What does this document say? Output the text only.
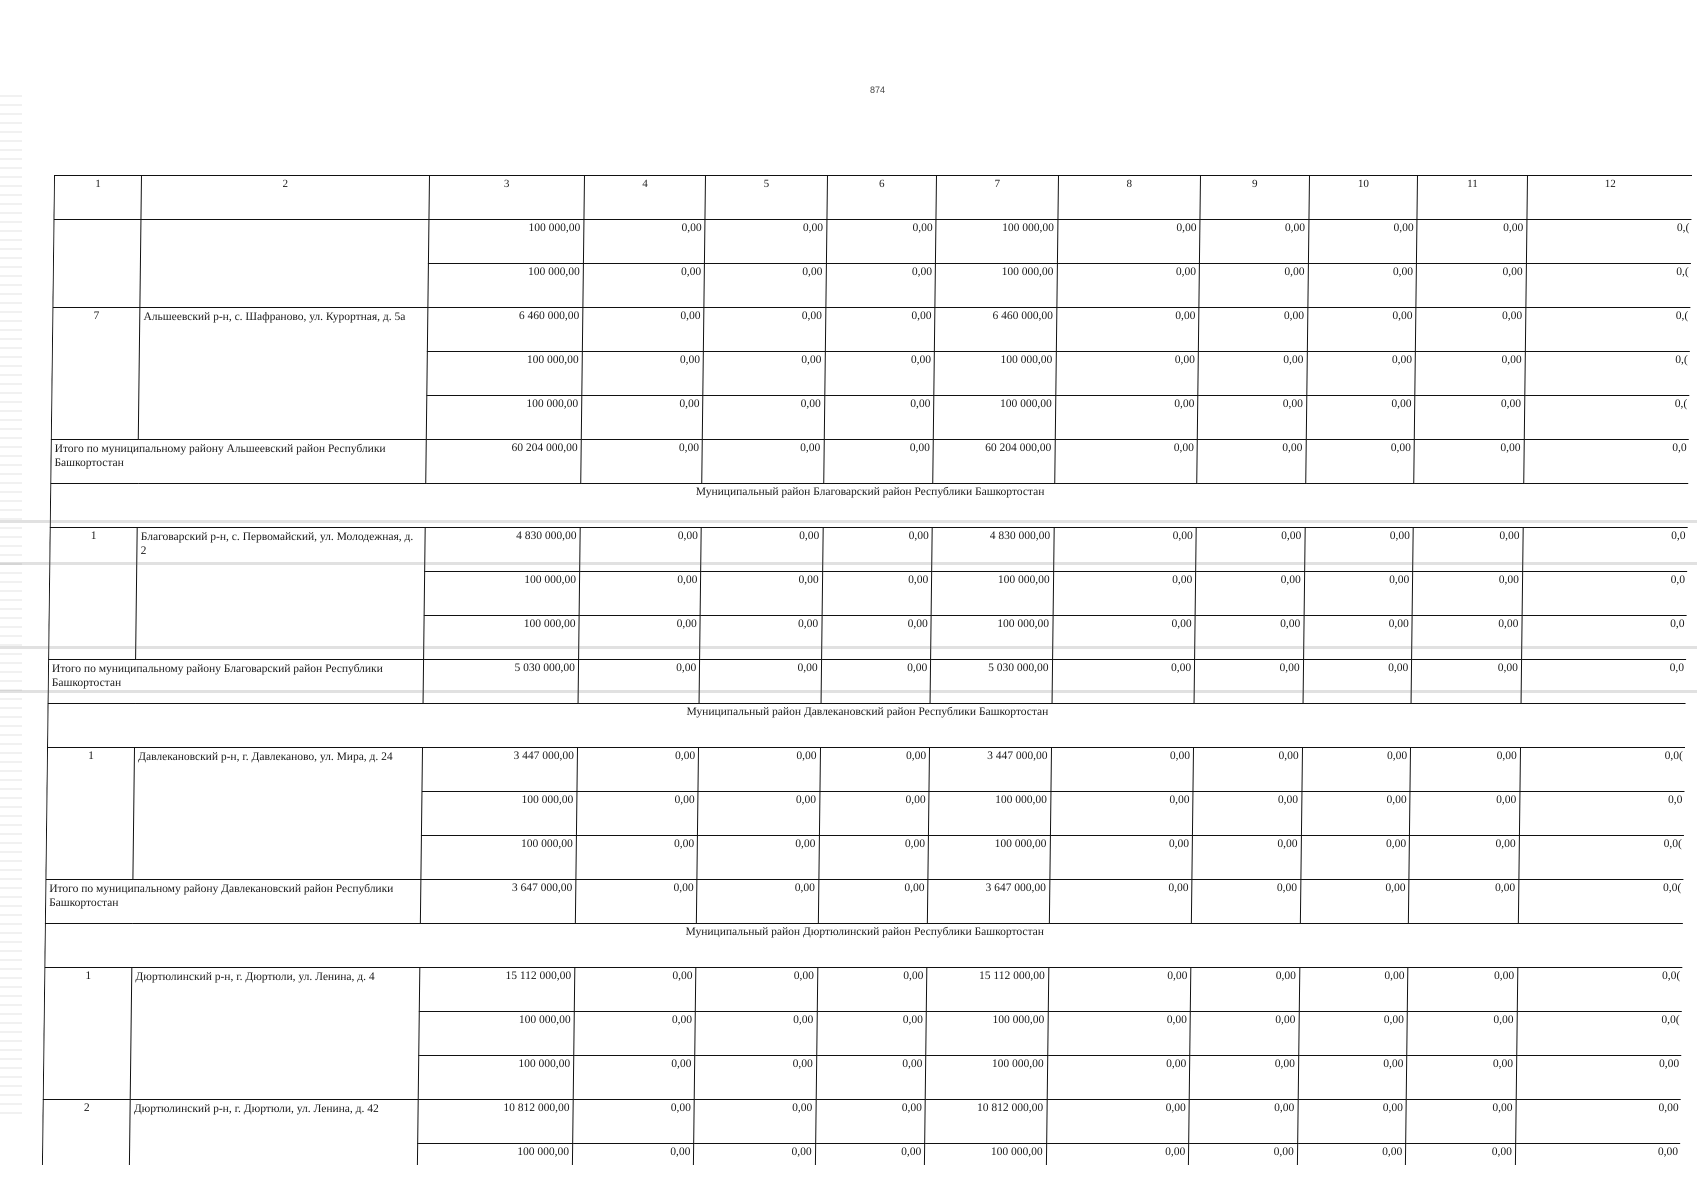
874
1	2	3	4	5	6	7	8	9	10	11	12
		100 000,00	0,00	0,00	0,00	100 000,00	0,00	0,00	0,00	0,00	0,(
		100 000,00	0,00	0,00	0,00	100 000,00	0,00	0,00	0,00	0,00	0,(
7	Альшеевский р-н, с. Шафраново, ул. Курортная, д. 5а	6 460 000,00	0,00	0,00	0,00	6 460 000,00	0,00	0,00	0,00	0,00	0,(
		100 000,00	0,00	0,00	0,00	100 000,00	0,00	0,00	0,00	0,00	0,(
		100 000,00	0,00	0,00	0,00	100 000,00	0,00	0,00	0,00	0,00	0,(
Итого по муниципальному району Альшеевский район Республики Башкортостан		60 204 000,00	0,00	0,00	0,00	60 204 000,00	0,00	0,00	0,00	0,00	0,0
Муниципальный район Благоварский район Республики Башкортостан											
1	Благоварский р-н, с. Первомайский, ул. Молодежная, д. 2	4 830 000,00	0,00	0,00	0,00	4 830 000,00	0,00	0,00	0,00	0,00	0,0
		100 000,00	0,00	0,00	0,00	100 000,00	0,00	0,00	0,00	0,00	0,0
		100 000,00	0,00	0,00	0,00	100 000,00	0,00	0,00	0,00	0,00	0,0
Итого по муниципальному району Благоварский район Республики Башкортостан		5 030 000,00	0,00	0,00	0,00	5 030 000,00	0,00	0,00	0,00	0,00	0,0
Муниципальный район Давлекановский район Республики Башкортостан											
1	Давлекановский р-н, г. Давлеканово, ул. Мира, д. 24	3 447 000,00	0,00	0,00	0,00	3 447 000,00	0,00	0,00	0,00	0,00	0,0(
		100 000,00	0,00	0,00	0,00	100 000,00	0,00	0,00	0,00	0,00	0,0
		100 000,00	0,00	0,00	0,00	100 000,00	0,00	0,00	0,00	0,00	0,0(
Итого по муниципальному району Давлекановский район Республики Башкортостан		3 647 000,00	0,00	0,00	0,00	3 647 000,00	0,00	0,00	0,00	0,00	0,0(
Муниципальный район Дюртюлинский район Республики Башкортостан											
1	Дюртюлинский р-н, г. Дюртюли, ул. Ленина, д. 4	15 112 000,00	0,00	0,00	0,00	15 112 000,00	0,00	0,00	0,00	0,00	0,0(
		100 000,00	0,00	0,00	0,00	100 000,00	0,00	0,00	0,00	0,00	0,0(
		100 000,00	0,00	0,00	0,00	100 000,00	0,00	0,00	0,00	0,00	0,00
2	Дюртюлинский р-н, г. Дюртюли, ул. Ленина, д. 42	10 812 000,00	0,00	0,00	0,00	10 812 000,00	0,00	0,00	0,00	0,00	0,00
		100 000,00	0,00	0,00	0,00	100 000,00	0,00	0,00	0,00	0,00	0,00
